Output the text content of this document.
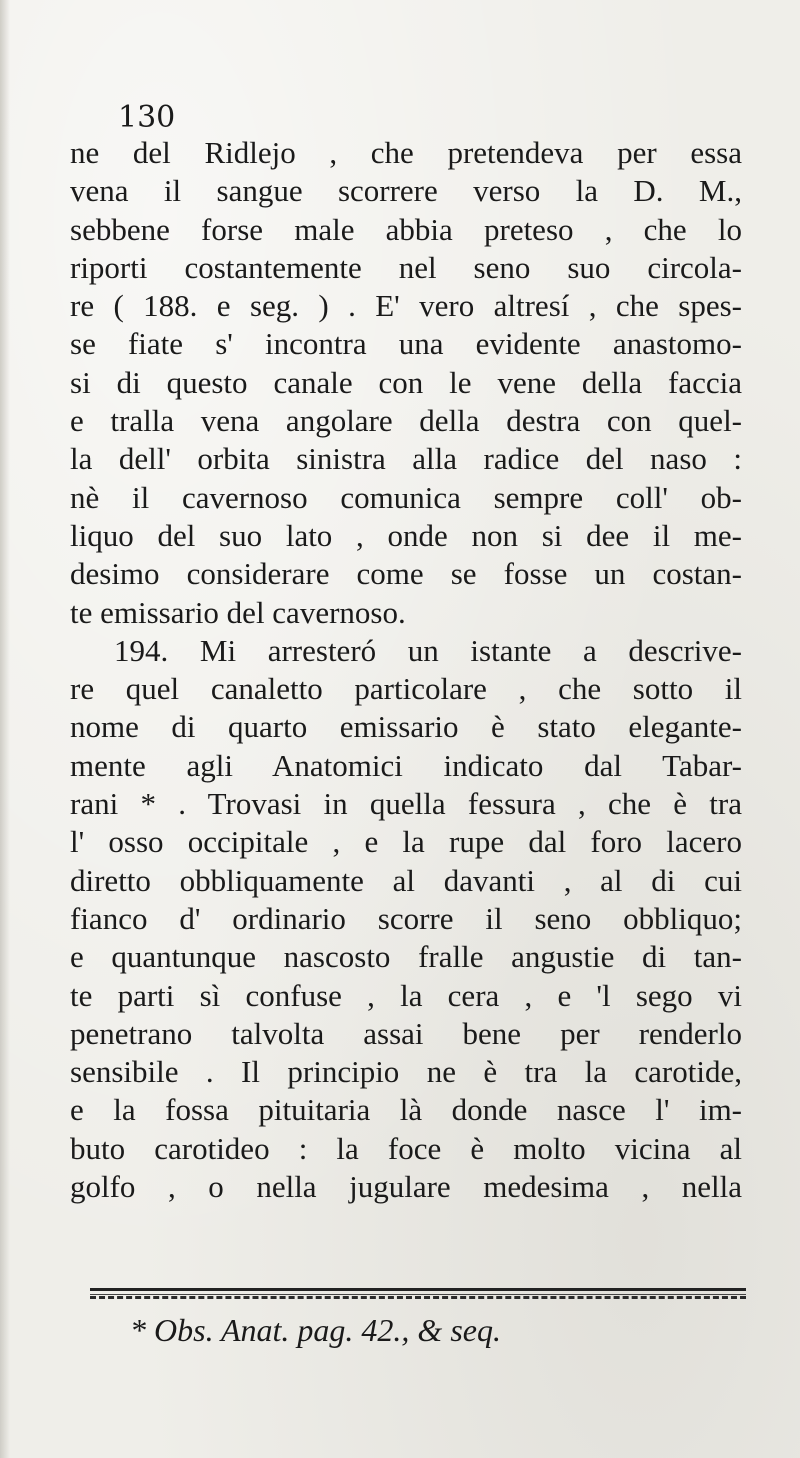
130
ne del Ridlejo , che pretendeva per essa
vena il sangue scorrere verso la D. M.,
sebbene forse male abbia preteso , che lo
riporti costantemente nel seno suo circola-
re ( 188. e seg. ) . E' vero altresí , che spes-
se fiate s' incontra una evidente anastomo-
si di questo canale con le vene della faccia
e tralla vena angolare della destra con quel-
la dell' orbita sinistra alla radice del naso :
nè il cavernoso comunica sempre coll' ob-
liquo del suo lato , onde non si dee il me-
desimo considerare come se fosse un costan-
te emissario del cavernoso.
194. Mi arresteró un istante a descrive-
re quel canaletto particolare , che sotto il
nome di quarto emissario è stato elegante-
mente agli Anatomici indicato dal Tabar-
rani * . Trovasi in quella fessura , che è tra
l' osso occipitale , e la rupe dal foro lacero
diretto obbliquamente al davanti , al di cui
fianco d' ordinario scorre il seno obbliquo;
e quantunque nascosto fralle angustie di tan-
te parti sì confuse , la cera , e 'l sego vi
penetrano talvolta assai bene per renderlo
sensibile . Il principio ne è tra la carotide,
e la fossa pituitaria là donde nasce l' im-
buto carotideo : la foce è molto vicina al
golfo , o nella jugulare medesima , nella
* Obs. Anat. pag. 42., & seq.
